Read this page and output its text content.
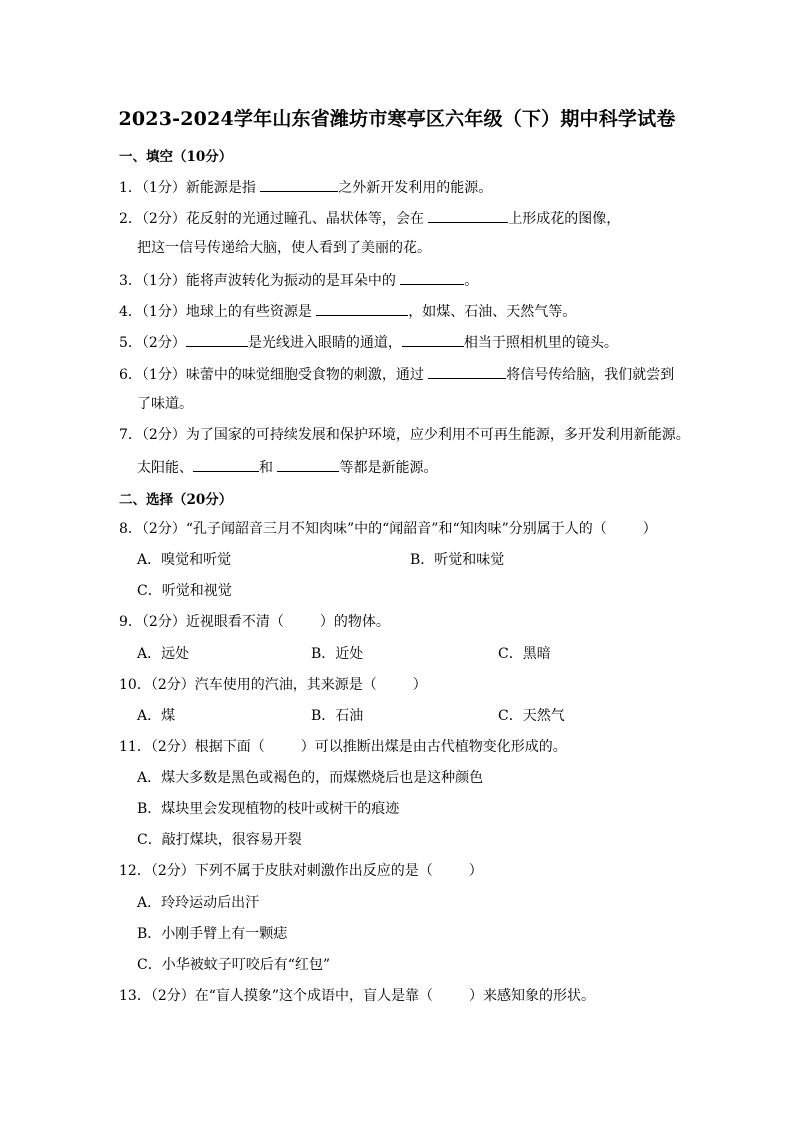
2023-2024学年山东省潍坊市寒亭区六年级（下）期中科学试卷
一、填空（10分）
1．（1分）新能源是指	之外新开发利用的能源。
2．（2分）花反射的光通过瞳孔、晶状体等，会在	上形成花的图像，
把这一信号传递给大脑，使人看到了美丽的花。
3．（1分）能将声波转化为振动的是耳朵中的	。
4．（1分）地球上的有些资源是	，如煤、石油、天然气等。
5．（2分）	是光线进入眼睛的通道，	相当于照相机里的镜头。
6．（1分）味蕾中的味觉细胞受食物的刺激，通过	将信号传给脑，我们就尝到
了味道。
7．（2分）为了国家的可持续发展和保护环境，应少利用不可再生能源，多开发利用新能源。
太阳能、	和	等都是新能源。
二、选择（20分）
8．（2分）“孔子闻韶音三月不知肉味”中的“闻韶音”和“知肉味”分别属于人的（	）
A．嗅觉和听觉	B．听觉和味觉
C．听觉和视觉
9．（2分）近视眼看不清（	）的物体。
A．远处	B．近处	C．黑暗
10．（2分）汽车使用的汽油，其来源是（	）
A．煤	B．石油	C．天然气
11．（2分）根据下面（	）可以推断出煤是由古代植物变化形成的。
A．煤大多数是黑色或褐色的，而煤燃烧后也是这种颜色
B．煤块里会发现植物的枝叶或树干的痕迹
C．敲打煤块，很容易开裂
12．（2分）下列不属于皮肤对刺激作出反应的是（	）
A．玲玲运动后出汗
B．小刚手臂上有一颗痣
C．小华被蚊子叮咬后有“红包”
13．（2分）在“盲人摸象”这个成语中，盲人是靠（	）来感知象的形状。
